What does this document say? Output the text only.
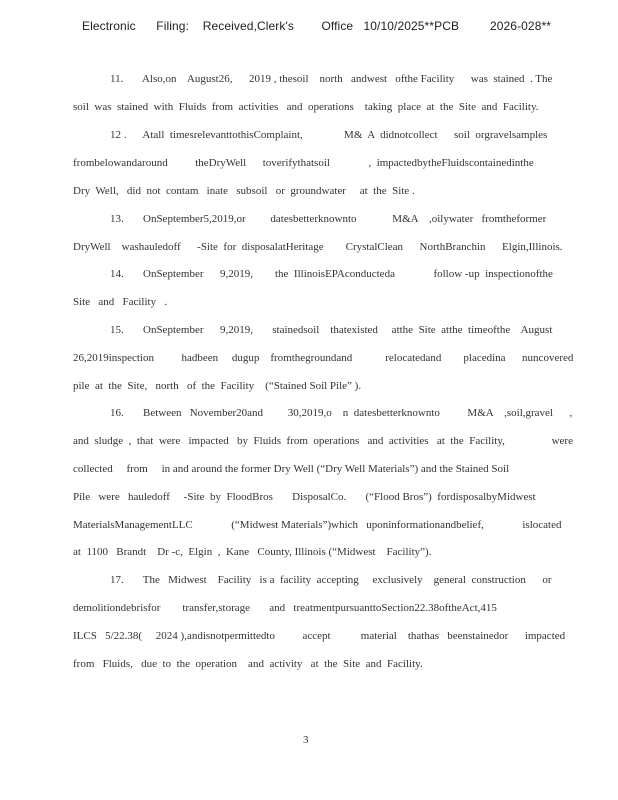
Electronic      Filing:    Received,Clerk's        Office   10/10/2025**PCB         2026-028**
11.       Also,on    August26,      2019 , thesoil    north   andwest   ofthe Facility      was  stained  . The
soil  was  stained  with  Fluids  from  activities   and  operations    taking  place  at  the  Site  and  Facility.
12 .      Atall  timesrelevanttothisComplaint,               M&  A  didnotcollect      soil  orgravelsamples
frombelowandaround          theDryWell      toverifythatsoil              ,  impactedbytheFluidscontainedinthe
Dry  Well,   did  not  contam   inate   subsoil   or  groundwater     at  the  Site .
13.       OnSeptember5,2019,or         datesbetterknownto             M&A    ,oilywater   fromtheformer
DryWell    washauledoff      -Site  for  disposalatHeritage        CrystalClean      NorthBranchin      Elgin,Illinois.
14.       OnSeptember      9,2019,        the  IllinoisEPAconducteda              follow -up  inspectionofthe
Site   and   Facility   .
15.       OnSeptember      9,2019,       stainedsoil    thatexisted     atthe  Site  atthe  timeofthe    August
26,2019inspection          hadbeen     dugup    fromthegroundand            relocatedand        placedina      nuncovered
pile  at  the  Site,   north   of  the  Facility    (“Stained Soil Pile” ).
16.       Between   November20and         30,2019,o    n  datesbetterknownto          M&A    ,soil,gravel      ,
and  sludge  ,  that  were   impacted   by  Fluids  from  operations   and  activities   at  the  Facility,                 were
collected     from     in and around the former Dry Well (“Dry Well Materials”) and the Stained Soil
Pile   were   hauledoff     -Site  by  FloodBros       DisposalCo.       (“Flood Bros”)  fordisposalbyMidwest
MaterialsManagementLLC              (“Midwest Materials”)which   uponinformationandbelief,              islocated
at  1100   Brandt    Dr -c,  Elgin  ,  Kane   County, Illinois (“Midwest    Facility”).
17.       The   Midwest    Facility   is a  facility  accepting     exclusively    general  construction      or
demolitiondebrisfor        transfer,storage       and   treatmentpursuanttoSection22.38oftheAct,415
ILCS   5/22.38(     2024 ),andisnotpermittedto          accept           material    thathas   beenstainedor      impacted
from   Fluids,   due  to  the  operation    and  activity   at  the  Site  and  Facility.
3
